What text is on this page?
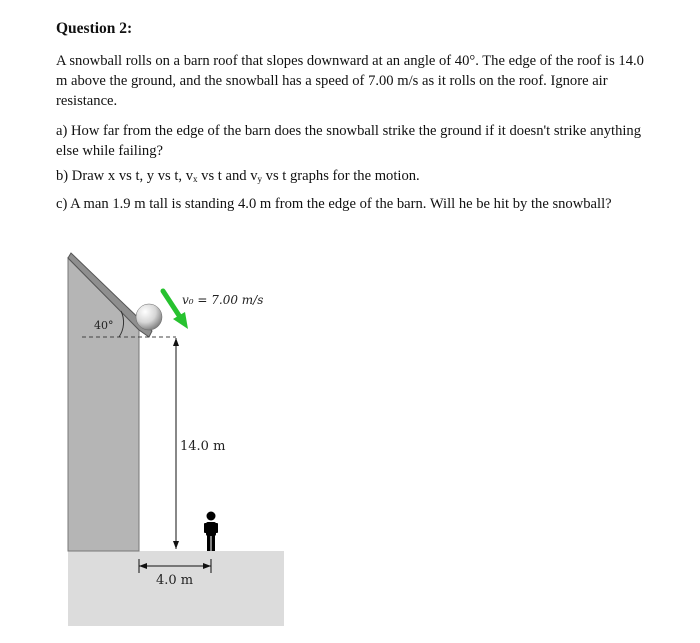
Question 2:

A snowball rolls on a barn roof that slopes downward at an angle of 40°. The edge of the roof is 14.0 m above the ground, and the snowball has a speed of 7.00 m/s as it rolls on the roof. Ignore air resistance.

a) How far from the edge of the barn does the snowball strike the ground if it doesn't strike anything else while failing?

b) Draw x vs t, y vs t, $v_x$ vs t and $v_y$ vs t graphs for the motion.

c) A man 1.9 m tall is standing 4.0 m from the edge of the barn. Will he be hit by the snowball?

40°
v₀ = 7.00 m/s
14.0 m
4.0 m
